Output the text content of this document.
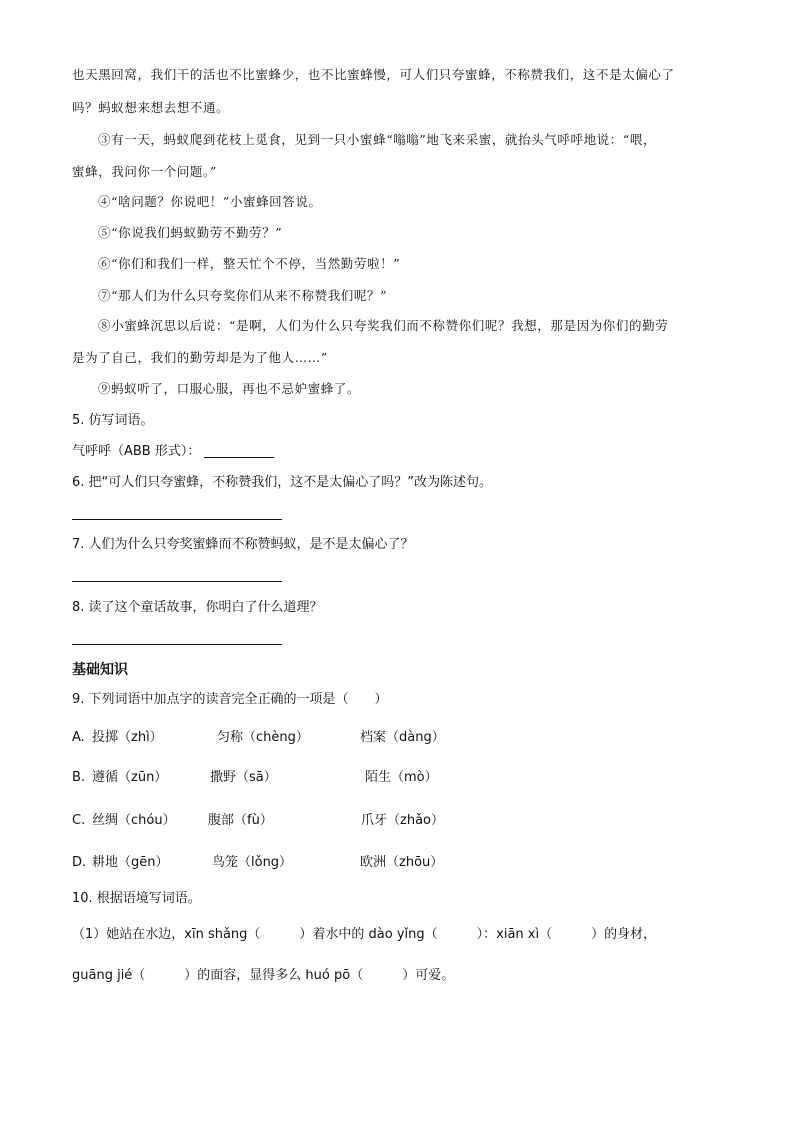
也天黑回窝，我们干的活也不比蜜蜂少，也不比蜜蜂慢，可人们只夸蜜蜂，不称赞我们，这不是太偏心了
吗？蚂蚁想来想去想不通。
③有一天，蚂蚁爬到花枝上觅食，见到一只小蜜蜂“嗡嗡”地飞来采蜜，就抬头气呼呼地说：“喂，
蜜蜂，我问你一个问题。”
④“啥问题？你说吧！”小蜜蜂回答说。
⑤“你说我们蚂蚁勤劳不勤劳？”
⑥“你们和我们一样，整天忙个不停，当然勤劳啦！”
⑦“那人们为什么只夸奖你们从来不称赞我们呢？”
⑧小蜜蜂沉思以后说：“是啊，人们为什么只夸奖我们而不称赞你们呢？我想，那是因为你们的勤劳
是为了自己，我们的勤劳却是为了他人……”
⑨蚂蚁听了，口服心服，再也不忌妒蜜蜂了。
5. 仿写词语。
气呼呼（ABB 形式）：
6. 把“可人们只夸蜜蜂，不称赞我们，这不是太偏心了吗？”改为陈述句。
7. 人们为什么只夸奖蜜蜂而不称赞蚂蚁，是不是太偏心了？
8. 读了这个童话故事，你明白了什么道理？
基础知识
9. 下列词语中加点字的读音完全正确的一项是（　　）
A. 投掷（zhì）	匀称（chèng）	档案（dàng）
B. 遵循（zūn）	撒野（sā）	陌生（mò）
C. 丝绸（chóu） 腹部（fù）	爪牙（zhǎo）
D. 耕地（gēn）	鸟笼（lǒng）	欧洲（zhōu）
10. 根据语境写词语。
（1）她站在水边，xīn shǎng（　　　）着水中的 dào yǐng（　　　）：xiān xì（　　　）的身材，
guāng jié（　　　）的面容，显得多么 huó pō（　　　）可爱。
